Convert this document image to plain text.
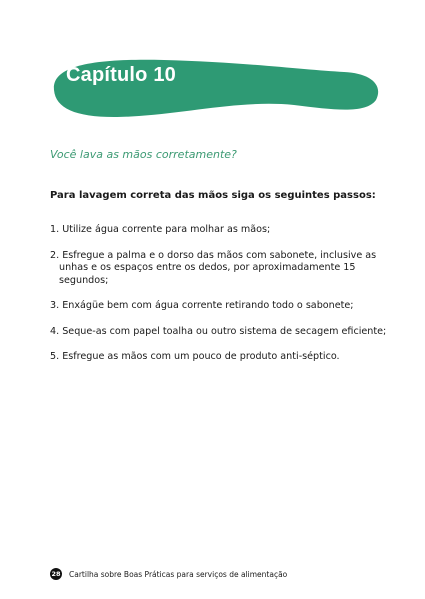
Capítulo 10
Você lava as mãos corretamente?
Para lavagem correta das mãos siga os seguintes passos:
1. Utilize água corrente para molhar as mãos;
2. Esfregue a palma e o dorso das mãos com sabonete, inclusive as unhas e os espaços entre os dedos, por aproximadamente 15 segundos;
3. Enxágüe bem com água corrente retirando todo o sabonete;
4. Seque-as com papel toalha ou outro sistema de secagem eficiente;
5. Esfregue as mãos com um pouco de produto anti-séptico.
28 Cartilha sobre Boas Práticas para serviços de alimentação
